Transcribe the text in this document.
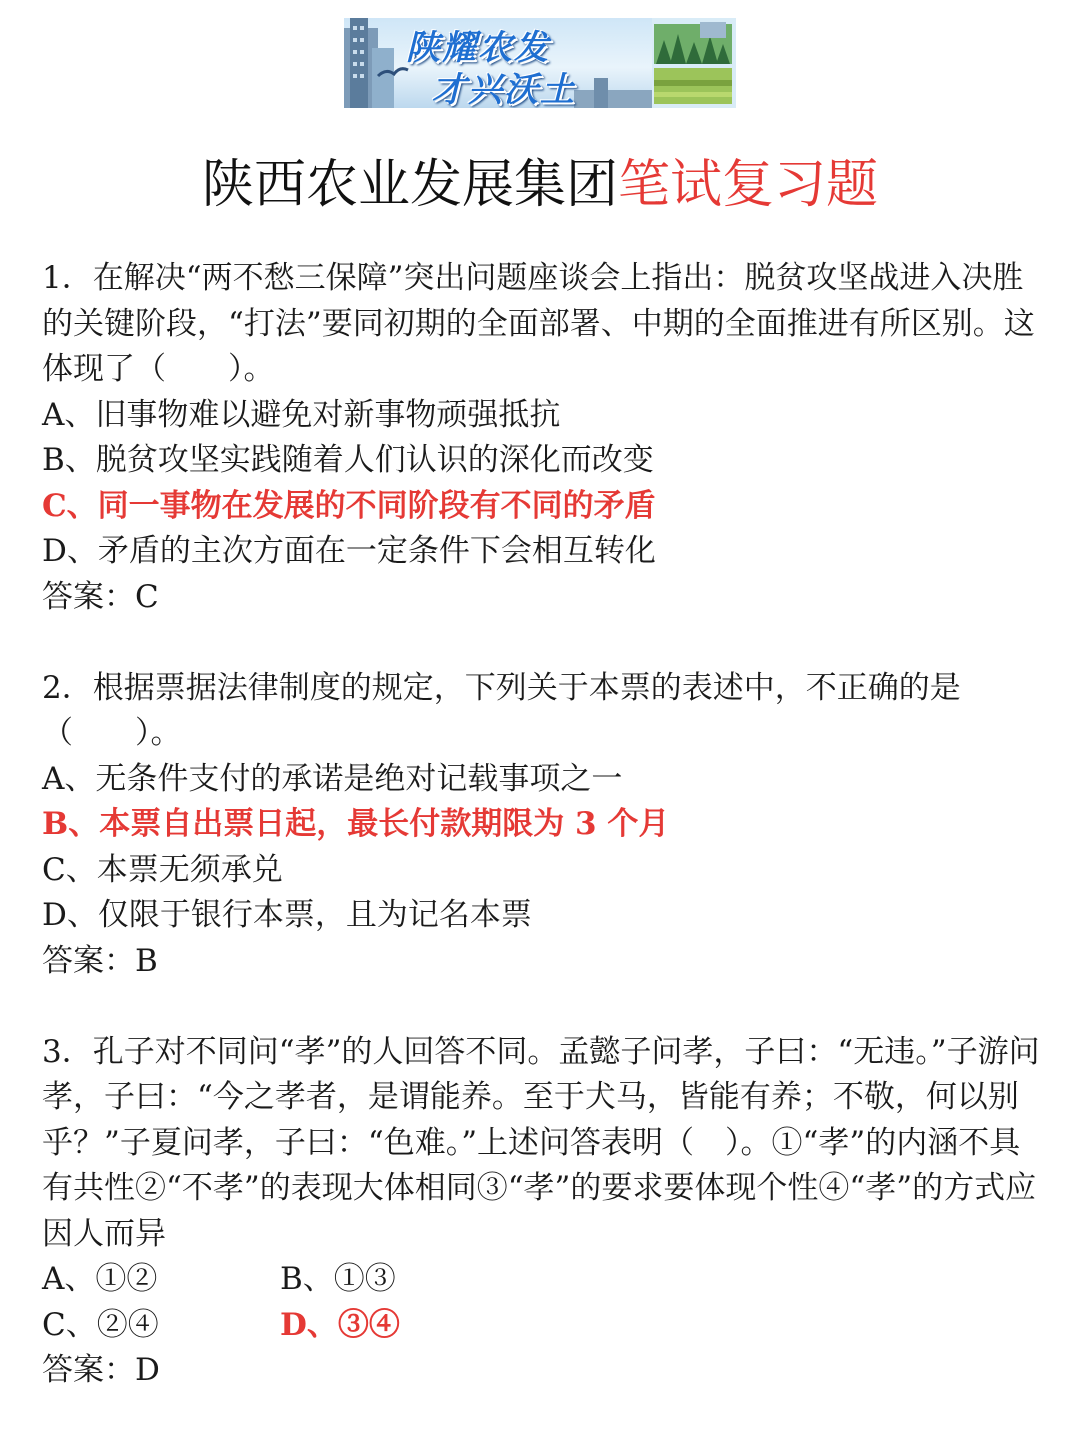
陕耀农发
才兴沃土
陕西农业发展集团笔试复习题

1．在解决“两不愁三保障”突出问题座谈会上指出：脱贫攻坚战进入决胜的关键阶段，“打法”要同初期的全面部署、中期的全面推进有所区别。这体现了（　　）。

A、旧事物难以避免对新事物顽强抵抗

B、脱贫攻坚实践随着人们认识的深化而改变

C、同一事物在发展的不同阶段有不同的矛盾

D、矛盾的主次方面在一定条件下会相互转化

答案：C

2．根据票据法律制度的规定，下列关于本票的表述中，不正确的是（　　）。

A、无条件支付的承诺是绝对记载事项之一

B、本票自出票日起，最长付款期限为 3 个月

C、本票无须承兑

D、仅限于银行本票，且为记名本票

答案：B

3．孔子对不同问“孝”的人回答不同。孟懿子问孝，子曰：“无违。”子游问孝，子曰：“今之孝者，是谓能养。至于犬马，皆能有养；不敬，何以别乎？”子夏问孝，子曰：“色难。”上述问答表明（　）。①“孝”的内涵不具有共性②“不孝”的表现大体相同③“孝”的要求要体现个性④“孝”的方式应因人而异

A、①②	B、①③
C、②④	D、③④

答案：D
